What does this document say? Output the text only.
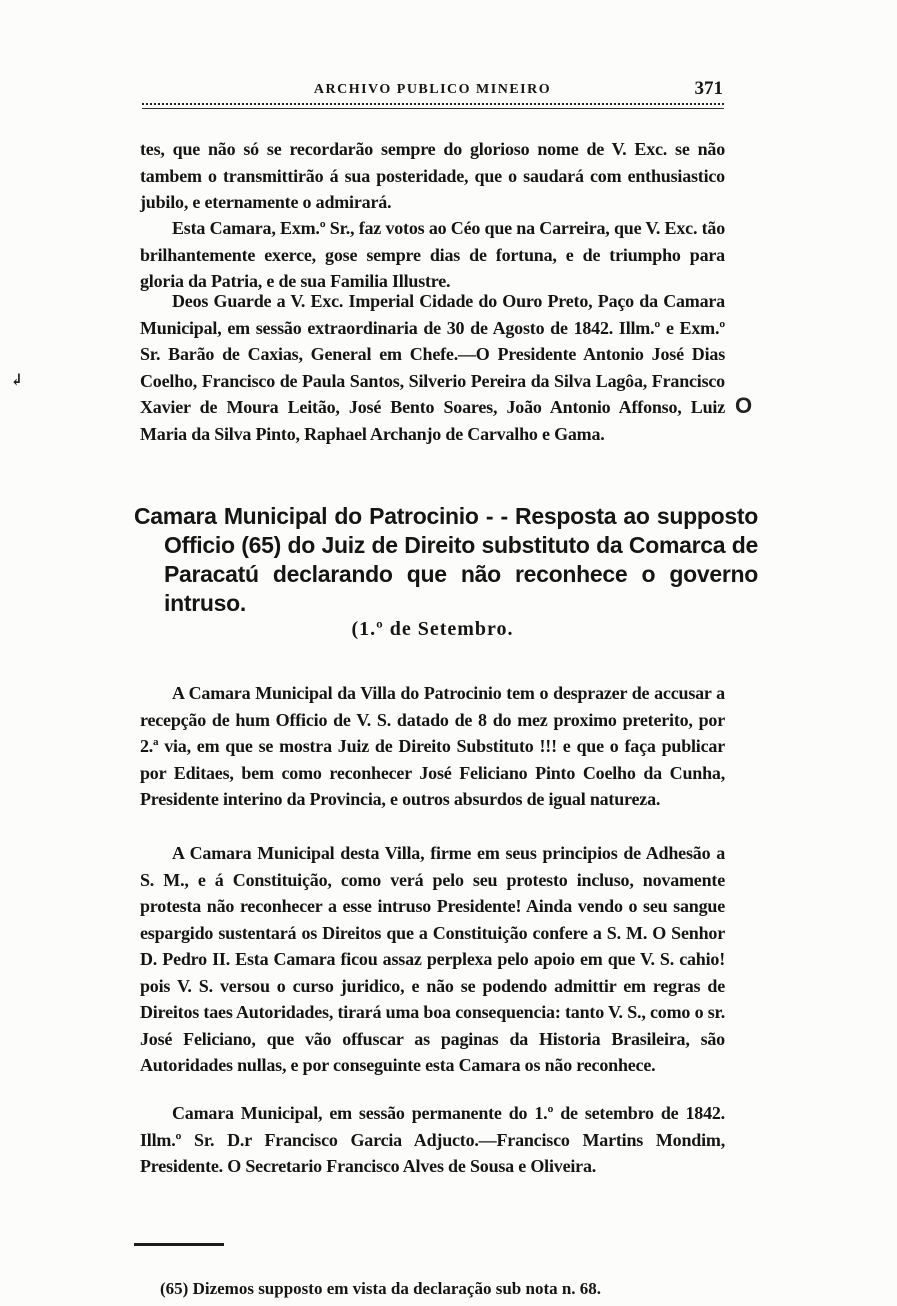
ARCHIVO PUBLICO MINEIRO	371

tes, que não só se recordarão sempre do glorioso nome de V. Exc. se não tambem o transmittirão á sua posteridade, que o saudará com enthusiastico jubilo, e eternamente o admirará.

Esta Camara, Exm.º Sr., faz votos ao Céo que na Carreira, que V. Exc. tão brilhantemente exerce, gose sempre dias de fortuna, e de triumpho para gloria da Patria, e de sua Familia Illustre.

Deos Guarde a V. Exc. Imperial Cidade do Ouro Preto, Paço da Camara Municipal, em sessão extraordinaria de 30 de Agosto de 1842. Illm.º e Exm.º Sr. Barão de Caxias, General em Chefe.—O Presidente Antonio José Dias Coelho, Francisco de Paula Santos, Silverio Pereira da Silva Lagôa, Francisco Xavier de Moura Leitão, José Bento Soares, João Antonio Affonso, Luiz Maria da Silva Pinto, Raphael Archanjo de Carvalho e Gama.

Camara Municipal do Patrocinio - - Resposta ao supposto Officio (65) do Juiz de Direito substituto da Comarca de Paracatú declarando que não reconhece o governo intruso.
(1.º de Setembro.

A Camara Municipal da Villa do Patrocinio tem o desprazer de accusar a recepção de hum Officio de V. S. datado de 8 do mez proximo preterito, por 2.ª via, em que se mostra Juiz de Direito Substituto !!! e que o faça publicar por Editaes, bem como reconhecer José Feliciano Pinto Coelho da Cunha, Presidente interino da Provincia, e outros absurdos de igual natureza.

A Camara Municipal desta Villa, firme em seus principios de Adhesão a S. M., e á Constituição, como verá pelo seu protesto incluso, novamente protesta não reconhecer a esse intruso Presidente! Ainda vendo o seu sangue espargido sustentará os Direitos que a Constituição confere a S. M. O Senhor D. Pedro II. Esta Camara ficou assaz perplexa pelo apoio em que V. S. cahio! pois V. S. versou o curso juridico, e não se podendo admittir em regras de Direitos taes Autoridades, tirará uma boa consequencia: tanto V. S., como o sr. José Feliciano, que vão offuscar as paginas da Historia Brasileira, são Autoridades nullas, e por conseguinte esta Camara os não reconhece.

Camara Municipal, em sessão permanente do 1.º de setembro de 1842. Illm.º Sr. D.r Francisco Garcia Adjucto.—Francisco Martins Mondim, Presidente. O Secretario Francisco Alves de Sousa e Oliveira.

↲
O
(65) Dizemos supposto em vista da declaração sub nota n. 68.
